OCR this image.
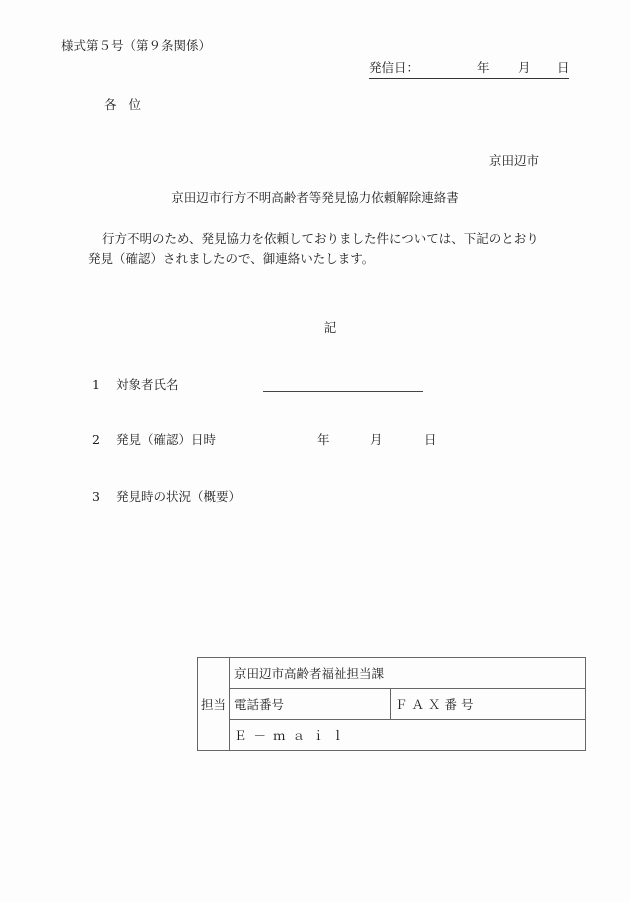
様式第５号（第９条関係）
発信日：	年 月 日
各位
京田辺市
京田辺市行方不明高齢者等発見協力依頼解除連絡書
行方不明のため、発見協力を依頼しておりました件については、下記のとおり発見（確認）されましたので、御連絡いたします。
記
1 対象者氏名
2 発見（確認）日時	年	月	日
3 発見時の状況（概要）
担当	京田辺市高齢者福祉担当課	
	電話番号	ＦＡＸ番号
	Ｅ－ｍａｉｌ	
